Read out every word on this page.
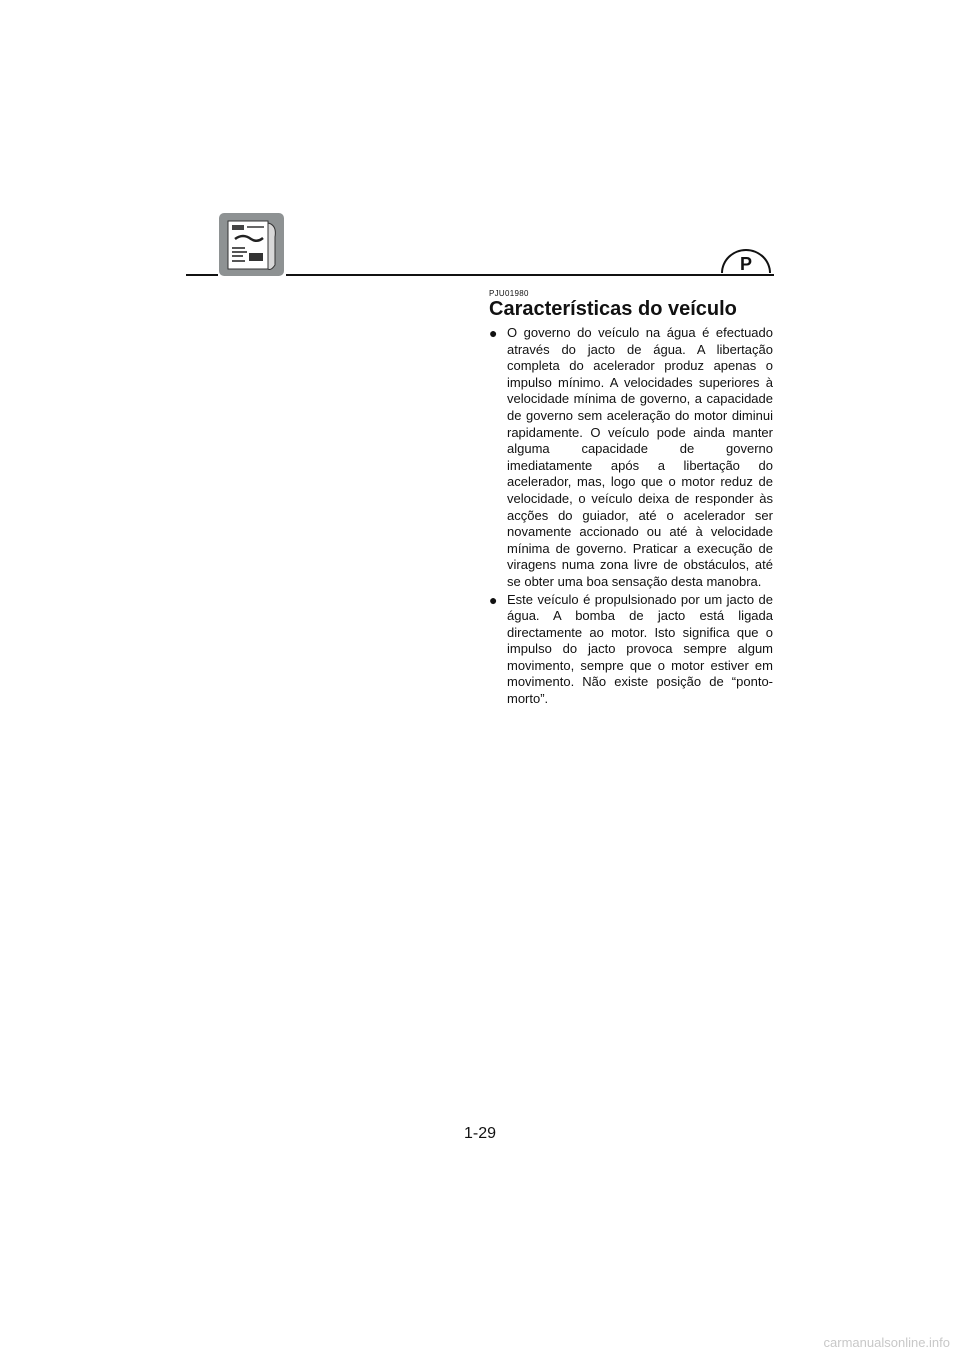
P
PJU01980
Características do veículo
● O governo do veículo na água é efectuado através do jacto de água. A libertação completa do acelerador produz apenas o impulso mínimo. A velocidades superiores à velocidade mínima de governo, a capacidade de governo sem aceleração do motor diminui rapidamente. O veículo pode ainda manter alguma capacidade de governo imediatamente após a libertação do acelerador, mas, logo que o motor reduz de velocidade, o veículo deixa de responder às acções do guiador, até o acelerador ser novamente accionado ou até à velocidade mínima de governo. Praticar a execução de viragens numa zona livre de obstáculos, até se obter uma boa sensação desta manobra.
● Este veículo é propulsionado por um jacto de água. A bomba de jacto está ligada directamente ao motor. Isto significa que o impulso do jacto provoca sempre algum movimento, sempre que o motor estiver em movimento. Não existe posição de “ponto-morto”.
1-29
carmanualsonline.info
